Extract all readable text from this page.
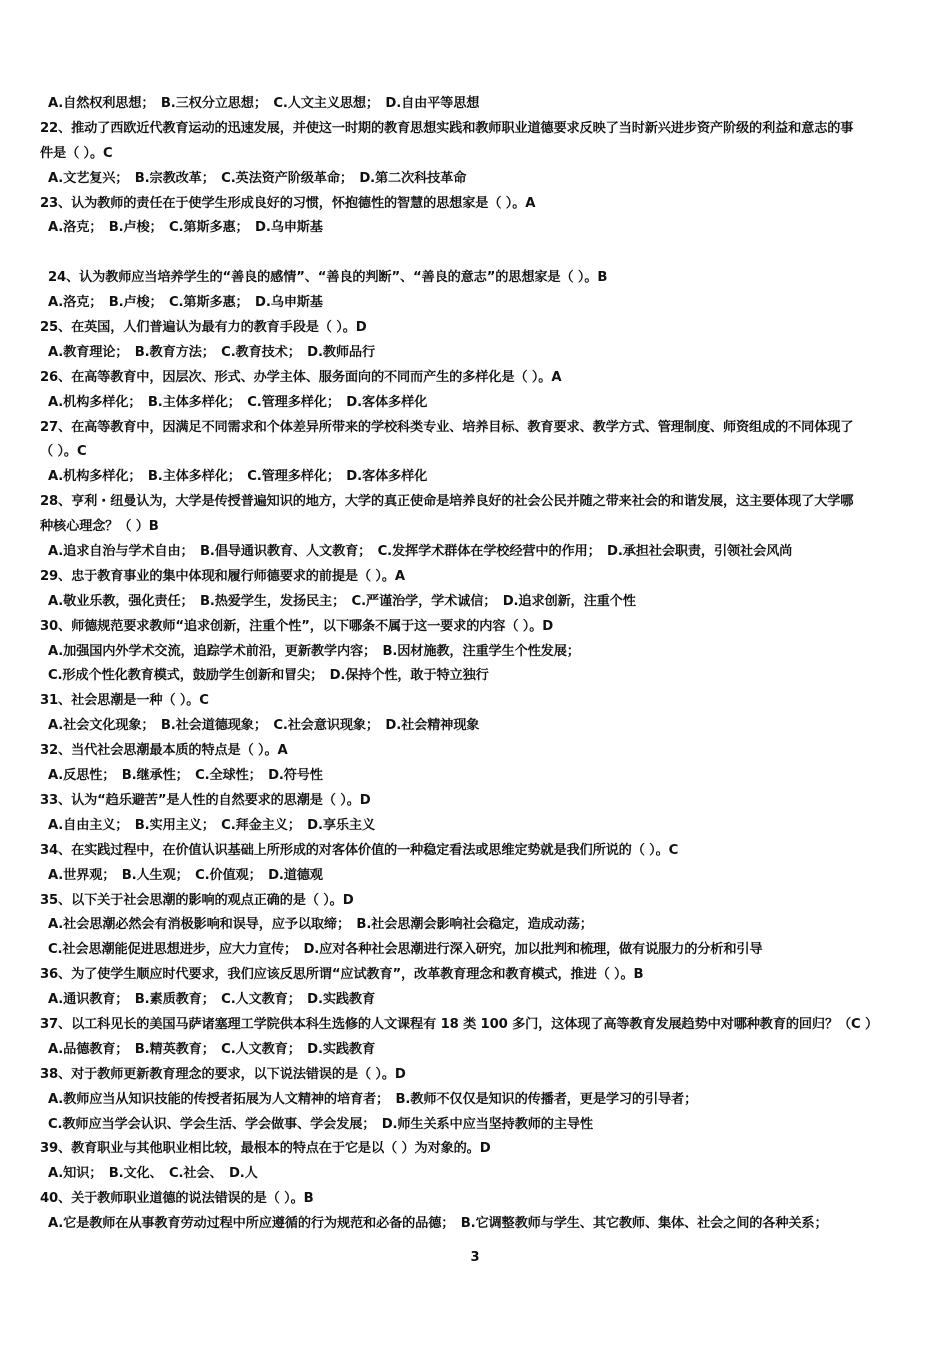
A.自然权利思想；　B.三权分立思想；　C.人文主义思想；　D.自由平等思想
22、推动了西欧近代教育运动的迅速发展，并使这一时期的教育思想实践和教师职业道德要求反映了当时新兴进步资产阶级的利益和意志的事
件是（ ）。C
A.文艺复兴；　B.宗教改革；　C.英法资产阶级革命；　D.第二次科技革命
23、认为教师的责任在于使学生形成良好的习惯，怀抱德性的智慧的思想家是（ ）。A
A.洛克；　B.卢梭；　C.第斯多惠；　D.乌申斯基
24、认为教师应当培养学生的“善良的感情”、“善良的判断”、“善良的意志”的思想家是（ ）。B
A.洛克；　B.卢梭；　C.第斯多惠；　D.乌申斯基
25、在英国，人们普遍认为最有力的教育手段是（ ）。D
A.教育理论；　B.教育方法；　C.教育技术；　D.教师品行
26、在高等教育中，因层次、形式、办学主体、服务面向的不同而产生的多样化是（ ）。A
A.机构多样化；　B.主体多样化；　C.管理多样化；　D.客体多样化
27、在高等教育中，因满足不同需求和个体差异所带来的学校科类专业、培养目标、教育要求、教学方式、管理制度、师资组成的不同体现了
（ ）。C
A.机构多样化；　B.主体多样化；　C.管理多样化；　D.客体多样化
28、亨利・纽曼认为，大学是传授普遍知识的地方，大学的真正使命是培养良好的社会公民并随之带来社会的和谐发展，这主要体现了大学哪
种核心理念？（ ）B
A.追求自治与学术自由；　B.倡导通识教育、人文教育；　C.发挥学术群体在学校经营中的作用；　D.承担社会职责，引领社会风尚
29、忠于教育事业的集中体现和履行师德要求的前提是（ ）。A
A.敬业乐教，强化责任；　B.热爱学生，发扬民主；　C.严谨治学，学术诚信；　D.追求创新，注重个性
30、师德规范要求教师“追求创新，注重个性”，以下哪条不属于这一要求的内容（ ）。D
A.加强国内外学术交流，追踪学术前沿，更新教学内容；　B.因材施教，注重学生个性发展；
C.形成个性化教育模式，鼓励学生创新和冒尖；　D.保持个性，敢于特立独行
31、社会思潮是一种（ ）。C
A.社会文化现象；　B.社会道德现象；　C.社会意识现象；　D.社会精神现象
32、当代社会思潮最本质的特点是（ ）。A
A.反思性；　B.继承性；　C.全球性；　D.符号性
33、认为“趋乐避苦”是人性的自然要求的思潮是（ ）。D
A.自由主义；　B.实用主义；　C.拜金主义；　D.享乐主义
34、在实践过程中，在价值认识基础上所形成的对客体价值的一种稳定看法或思维定势就是我们所说的（ ）。C
A.世界观；　B.人生观；　C.价值观；　D.道德观
35、以下关于社会思潮的影响的观点正确的是（ ）。D
A.社会思潮必然会有消极影响和误导，应予以取缔；　B.社会思潮会影响社会稳定，造成动荡；
C.社会思潮能促进思想进步，应大力宣传；　D.应对各种社会思潮进行深入研究，加以批判和梳理，做有说服力的分析和引导
36、为了使学生顺应时代要求，我们应该反思所谓“应试教育”，改革教育理念和教育模式，推进（ ）。B
A.通识教育；　B.素质教育；　C.人文教育；　D.实践教育
37、以工科见长的美国马萨诸塞理工学院供本科生选修的人文课程有 18 类 100 多门，这体现了高等教育发展趋势中对哪种教育的回归？（C ）
A.品德教育；　B.精英教育；　C.人文教育；　D.实践教育
38、对于教师更新教育理念的要求，以下说法错误的是（ ）。D
A.教师应当从知识技能的传授者拓展为人文精神的培育者；　B.教师不仅仅是知识的传播者，更是学习的引导者；
C.教师应当学会认识、学会生活、学会做事、学会发展；　D.师生关系中应当坚持教师的主导性
39、教育职业与其他职业相比较，最根本的特点在于它是以（ ）为对象的。D
A.知识；　B.文化、　C.社会、　D.人
40、关于教师职业道德的说法错误的是（ ）。B
A.它是教师在从事教育劳动过程中所应遵循的行为规范和必备的品德；　B.它调整教师与学生、其它教师、集体、社会之间的各种关系；
3
